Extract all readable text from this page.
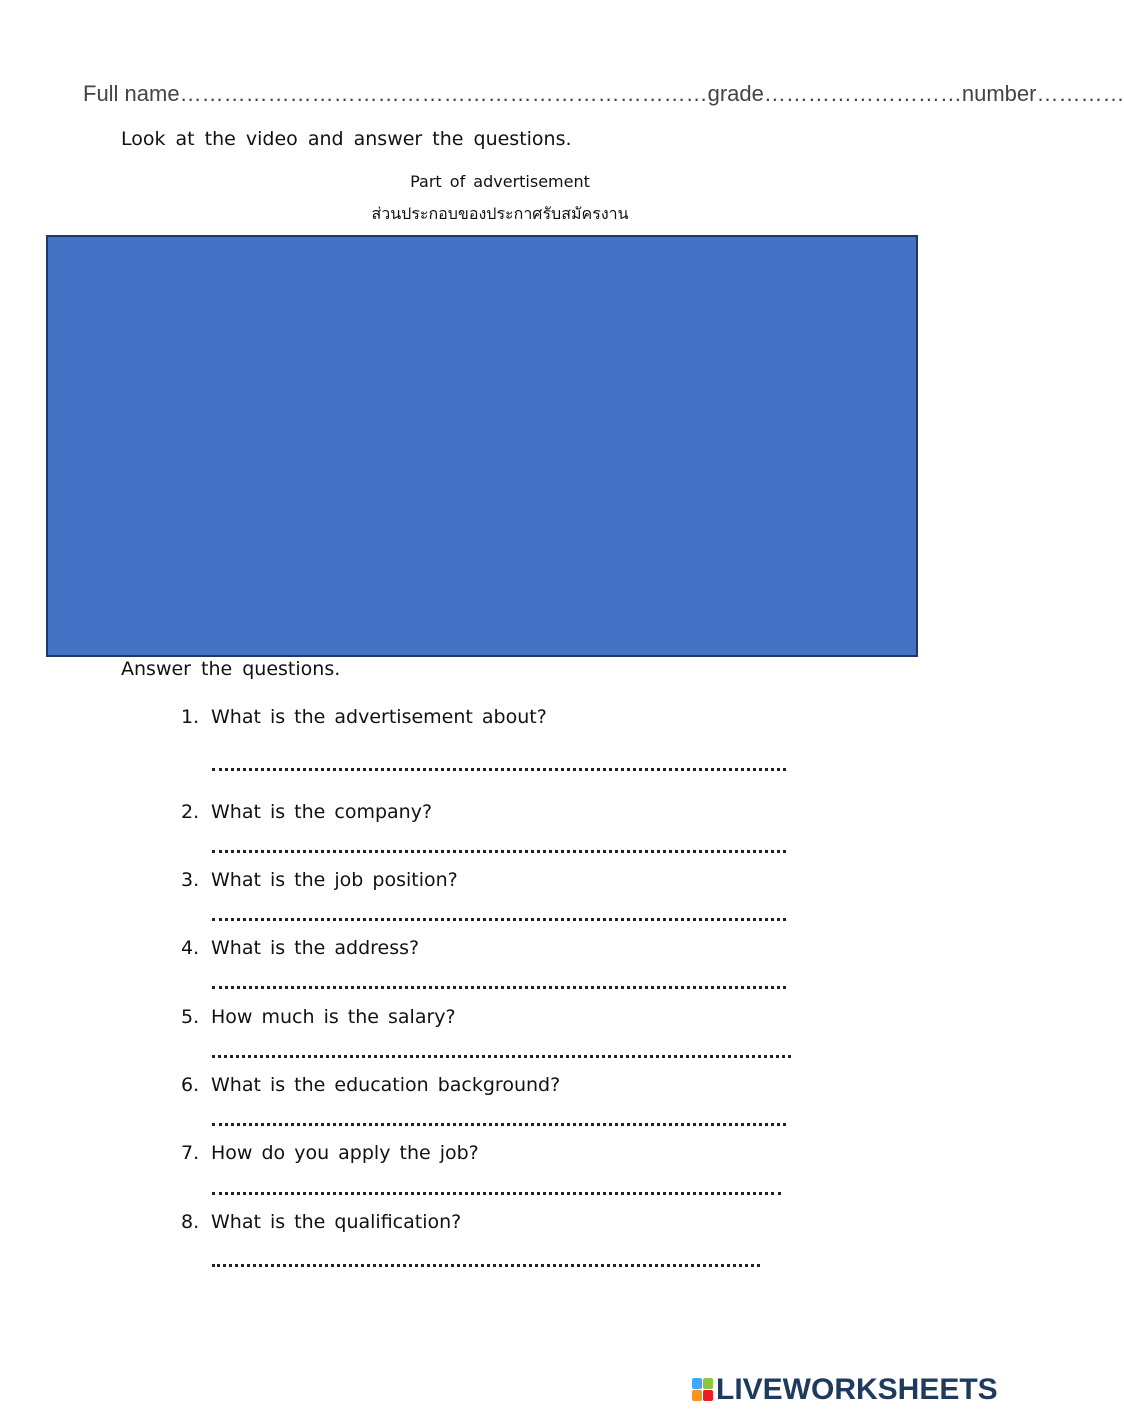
Full name………………………………………………………………grade………………………number…………
Look at the video and answer the questions.
Part of advertisement
ส่วนประกอบของประกาศรับสมัครงาน
Answer the questions.
1. What is the advertisement about?
2. What is the company?
3. What is the job position?
4. What is the address?
5. How much is the salary?
6. What is the education background?
7. How do you apply the job?
8. What is the qualification?
LIVEWORKSHEETS
